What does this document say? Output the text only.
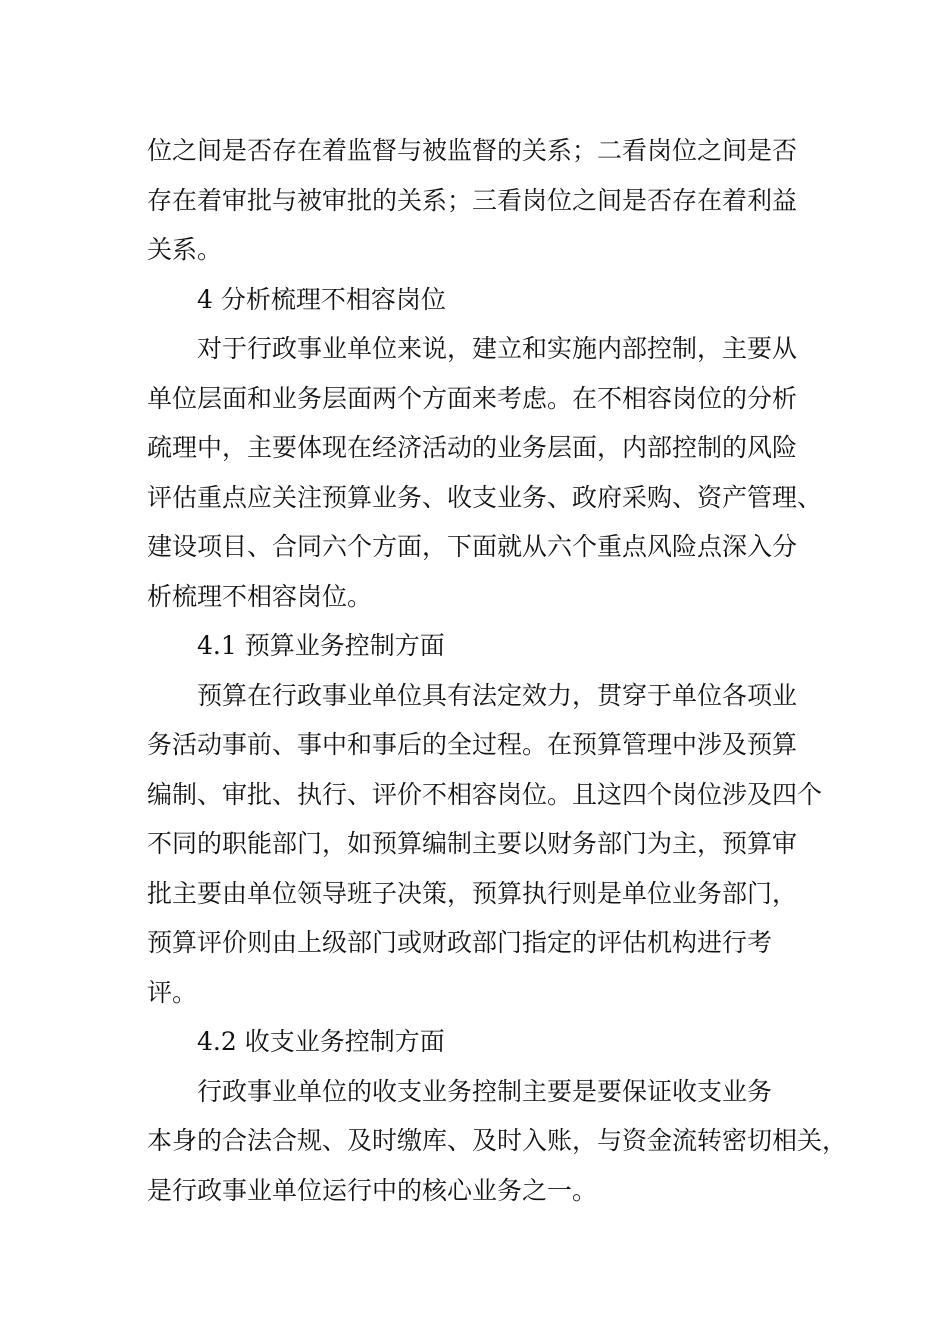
位之间是否存在着监督与被监督的关系；二看岗位之间是否
存在着审批与被审批的关系；三看岗位之间是否存在着利益
关系。
4 分析梳理不相容岗位
对于行政事业单位来说，建立和实施内部控制，主要从
单位层面和业务层面两个方面来考虑。在不相容岗位的分析
疏理中，主要体现在经济活动的业务层面，内部控制的风险
评估重点应关注预算业务、收支业务、政府采购、资产管理、
建设项目、合同六个方面，下面就从六个重点风险点深入分
析梳理不相容岗位。
4.1 预算业务控制方面
预算在行政事业单位具有法定效力，贯穿于单位各项业
务活动事前、事中和事后的全过程。在预算管理中涉及预算
编制、审批、执行、评价不相容岗位。且这四个岗位涉及四个
不同的职能部门，如预算编制主要以财务部门为主，预算审
批主要由单位领导班子决策，预算执行则是单位业务部门，
预算评价则由上级部门或财政部门指定的评估机构进行考
评。
4.2 收支业务控制方面
行政事业单位的收支业务控制主要是要保证收支业务
本身的合法合规、及时缴库、及时入账，与资金流转密切相关，
是行政事业单位运行中的核心业务之一。
